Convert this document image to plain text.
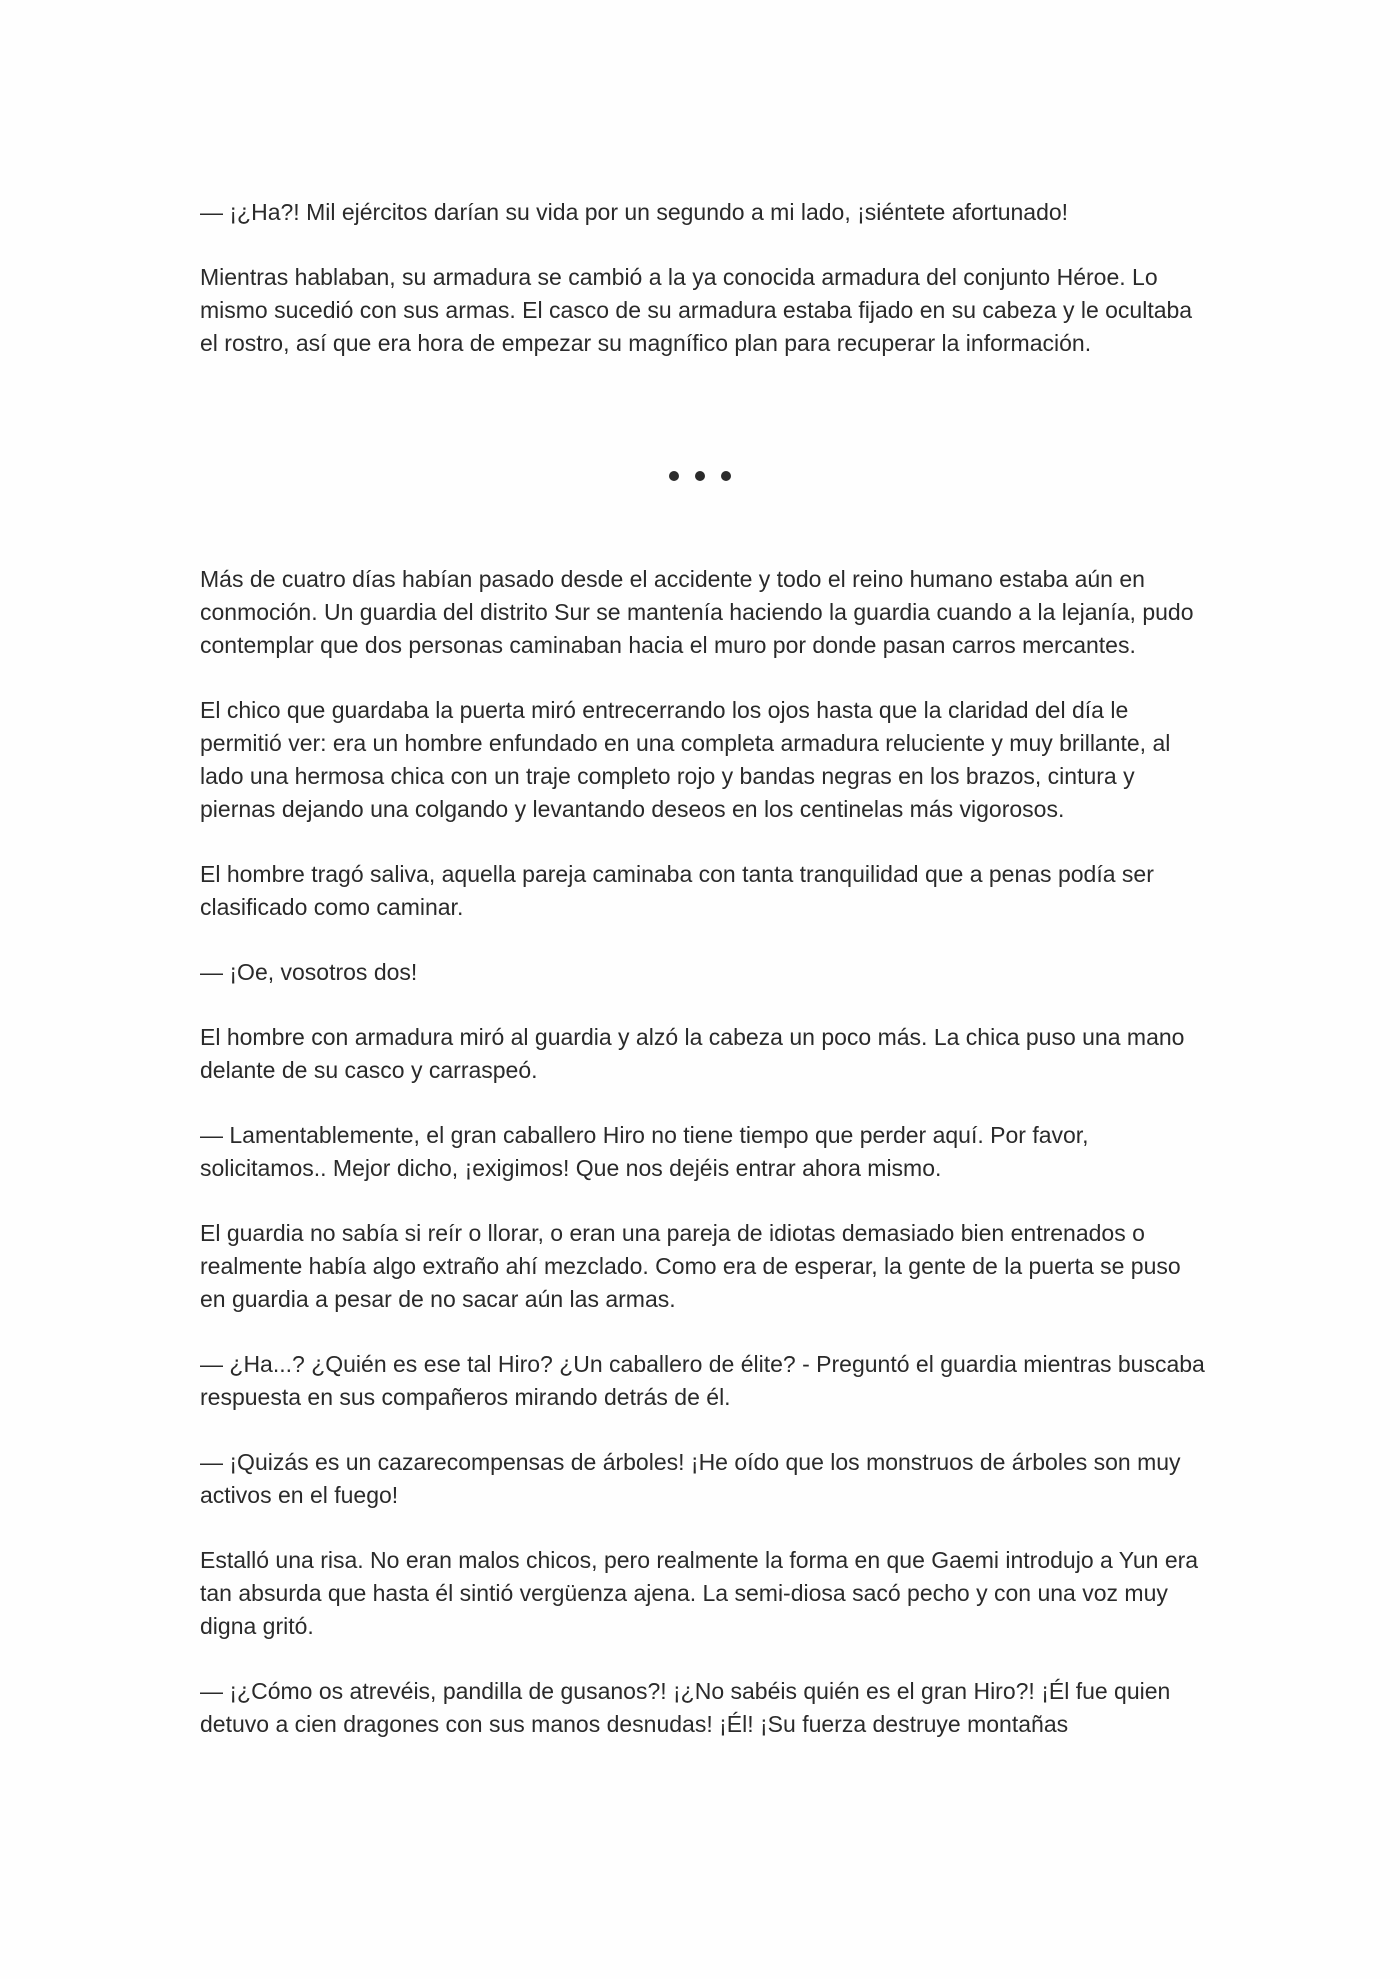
— ¡¿Ha?! Mil ejércitos darían su vida por un segundo a mi lado, ¡siéntete afortunado!

Mientras hablaban, su armadura se cambió a la ya conocida armadura del conjunto Héroe. Lo mismo sucedió con sus armas. El casco de su armadura estaba fijado en su cabeza y le ocultaba el rostro, así que era hora de empezar su magnífico plan para recuperar la información.

Más de cuatro días habían pasado desde el accidente y todo el reino humano estaba aún en conmoción. Un guardia del distrito Sur se mantenía haciendo la guardia cuando a la lejanía, pudo contemplar que dos personas caminaban hacia el muro por donde pasan carros mercantes.

El chico que guardaba la puerta miró entrecerrando los ojos hasta que la claridad del día le permitió ver: era un hombre enfundado en una completa armadura reluciente y muy brillante, al lado una hermosa chica con un traje completo rojo y bandas negras en los brazos, cintura y piernas dejando una colgando y levantando deseos en los centinelas más vigorosos.

El hombre tragó saliva, aquella pareja caminaba con tanta tranquilidad que a penas podía ser clasificado como caminar.

— ¡Oe, vosotros dos!

El hombre con armadura miró al guardia y alzó la cabeza un poco más. La chica puso una mano delante de su casco y carraspeó.

— Lamentablemente, el gran caballero Hiro no tiene tiempo que perder aquí. Por favor, solicitamos.. Mejor dicho, ¡exigimos! Que nos dejéis entrar ahora mismo.

El guardia no sabía si reír o llorar, o eran una pareja de idiotas demasiado bien entrenados o realmente había algo extraño ahí mezclado. Como era de esperar, la gente de la puerta se puso en guardia a pesar de no sacar aún las armas.

— ¿Ha...? ¿Quién es ese tal Hiro? ¿Un caballero de élite? - Preguntó el guardia mientras buscaba respuesta en sus compañeros mirando detrás de él.

— ¡Quizás es un cazarecompensas de árboles! ¡He oído que los monstruos de árboles son muy activos en el fuego!

Estalló una risa. No eran malos chicos, pero realmente la forma en que Gaemi introdujo a Yun era tan absurda que hasta él sintió vergüenza ajena. La semi-diosa sacó pecho y con una voz muy digna gritó.

— ¡¿Cómo os atrevéis, pandilla de gusanos?! ¡¿No sabéis quién es el gran Hiro?! ¡Él fue quien detuvo a cien dragones con sus manos desnudas! ¡Él! ¡Su fuerza destruye montañas
